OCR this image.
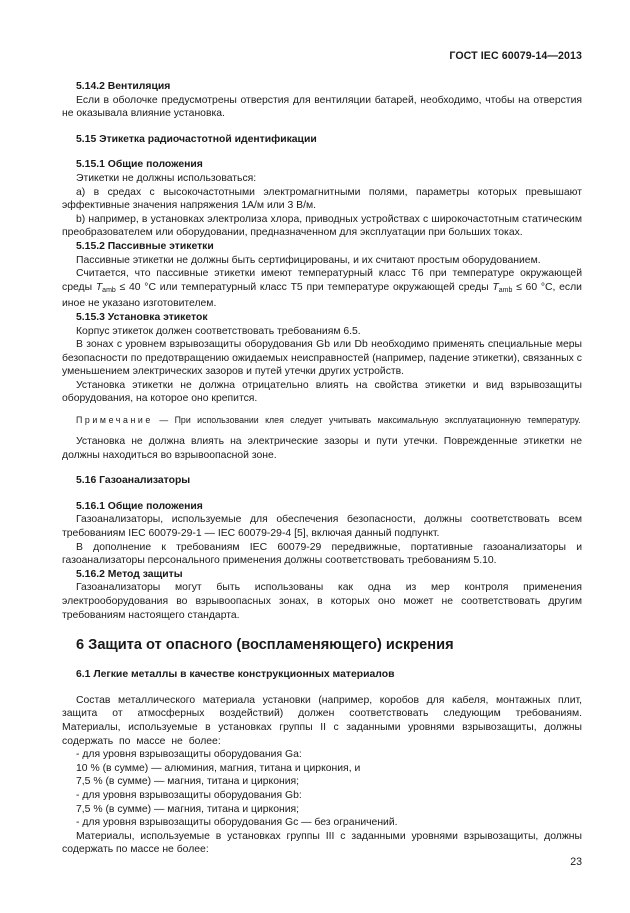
ГОСТ IEC 60079-14—2013
5.14.2 Вентиляция

Если в оболочке предусмотрены отверстия для вентиляции батарей, необходимо, чтобы на отверстия не оказывала влияние установка.

5.15 Этикетка радиочастотной идентификации
5.15.1 Общие положения

Этикетки не должны использоваться:

а) в средах с высокочастотными электромагнитными полями, параметры которых превышают эффективные значения напряжения 1А/м или 3 В/м.

b) например, в установках электролиза хлора, приводных устройствах с широкочастотным статическим преобразователем или оборудовании, предназначенном для эксплуатации при больших токах.

5.15.2 Пассивные этикетки

Пассивные этикетки не должны быть сертифицированы, и их считают простым оборудованием.

Считается, что пассивные этикетки имеют температурный класс Т6 при температуре окружающей среды $T_{amb} \le 40$ °С или температурный класс Т5 при температуре окружающей среды $T_{amb} \le 60$ °С, если иное не указано изготовителем.

5.15.3 Установка этикеток

Корпус этикеток должен соответствовать требованиям 6.5.

В зонах с уровнем взрывозащиты оборудования Gb или Db необходимо применять специальные меры безопасности по предотвращению ожидаемых неисправностей (например, падение этикетки), связанных с уменьшением электрических зазоров и путей утечки других устройств.

Установка этикетки не должна отрицательно влиять на свойства этикетки и вид взрывозащиты оборудования, на которое оно крепится.

Примечание — При использовании клея следует учитывать максимальную эксплуатационную температуру.

Установка не должна влиять на электрические зазоры и пути утечки. Поврежденные этикетки не должны находиться во взрывоопасной зоне.

5.16 Газоанализаторы
5.16.1 Общие положения

Газоанализаторы, используемые для обеспечения безопасности, должны соответствовать всем требованиям IEC 60079-29-1 — IEC 60079-29-4 [5], включая данный подпункт.

В дополнение к требованиям IEC 60079-29 передвижные, портативные газоанализаторы и газоанализаторы персонального применения должны соответствовать требованиям 5.10.

5.16.2 Метод защиты

Газоанализаторы могут быть использованы как одна из мер контроля применения электрооборудования во взрывоопасных зонах, в которых оно может не соответствовать другим требованиям настоящего стандарта.

6 Защита от опасного (воспламеняющего) искрения
6.1 Легкие металлы в качестве конструкционных материалов

Состав металлического материала установки (например, коробов для кабеля, монтажных плит, защита от атмосферных воздействий) должен соответствовать следующим требованиям. Материалы, используемые в установках группы II с заданными уровнями взрывозащиты, должны содержать по массе не более:

- для уровня взрывозащиты оборудования Ga:

10 % (в сумме) — алюминия, магния, титана и циркония, и

7,5 % (в сумме) — магния, титана и циркония;

- для уровня взрывозащиты оборудования Gb:

7,5 % (в сумме) — магния, титана и циркония;

- для уровня взрывозащиты оборудования Gc — без ограничений.

Материалы, используемые в установках группы III с заданными уровнями взрывозащиты, должны содержать по массе не более:

23
